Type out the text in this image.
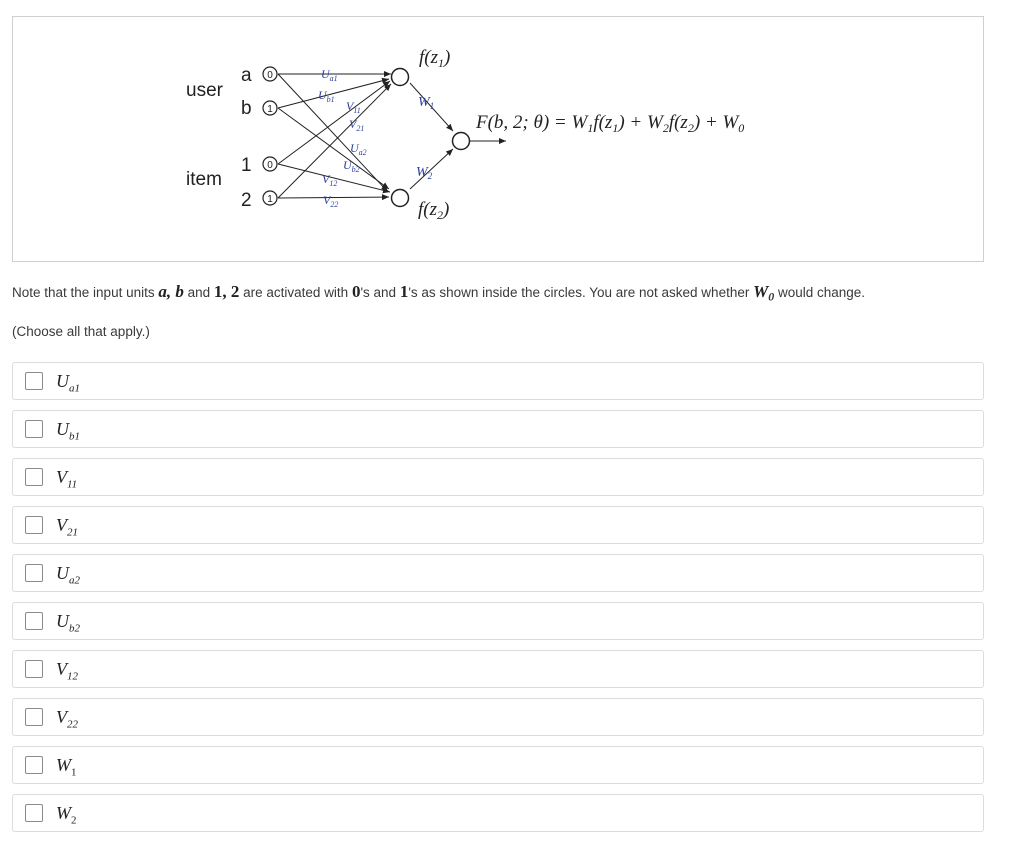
user
item
a
b
1
2
0
1
0
1
$U_{a1}$
$U_{b1}$ $V_{11}$
$V_{21}$
$U_{a2}$
$U_{b2}$
$V_{12}$
$V_{22}$
$W_1$
$W_2$
$f(z_1)$
$f(z_2)$
F(b, 2; $\theta) = W_1f(z_1) + W_2f(z_2) + W_0$
Note that the input units a, b and 1, 2 are activated with 0's and 1's as shown inside the circles. You are not asked whether $W_0$ would change.
(Choose all that apply.)
$U_{a1}$
$U_{b1}$
$V_{11}$
$V_{21}$
$U_{a2}$
$U_{b2}$
$V_{12}$
$V_{22}$
$W_1$
$W_2$
